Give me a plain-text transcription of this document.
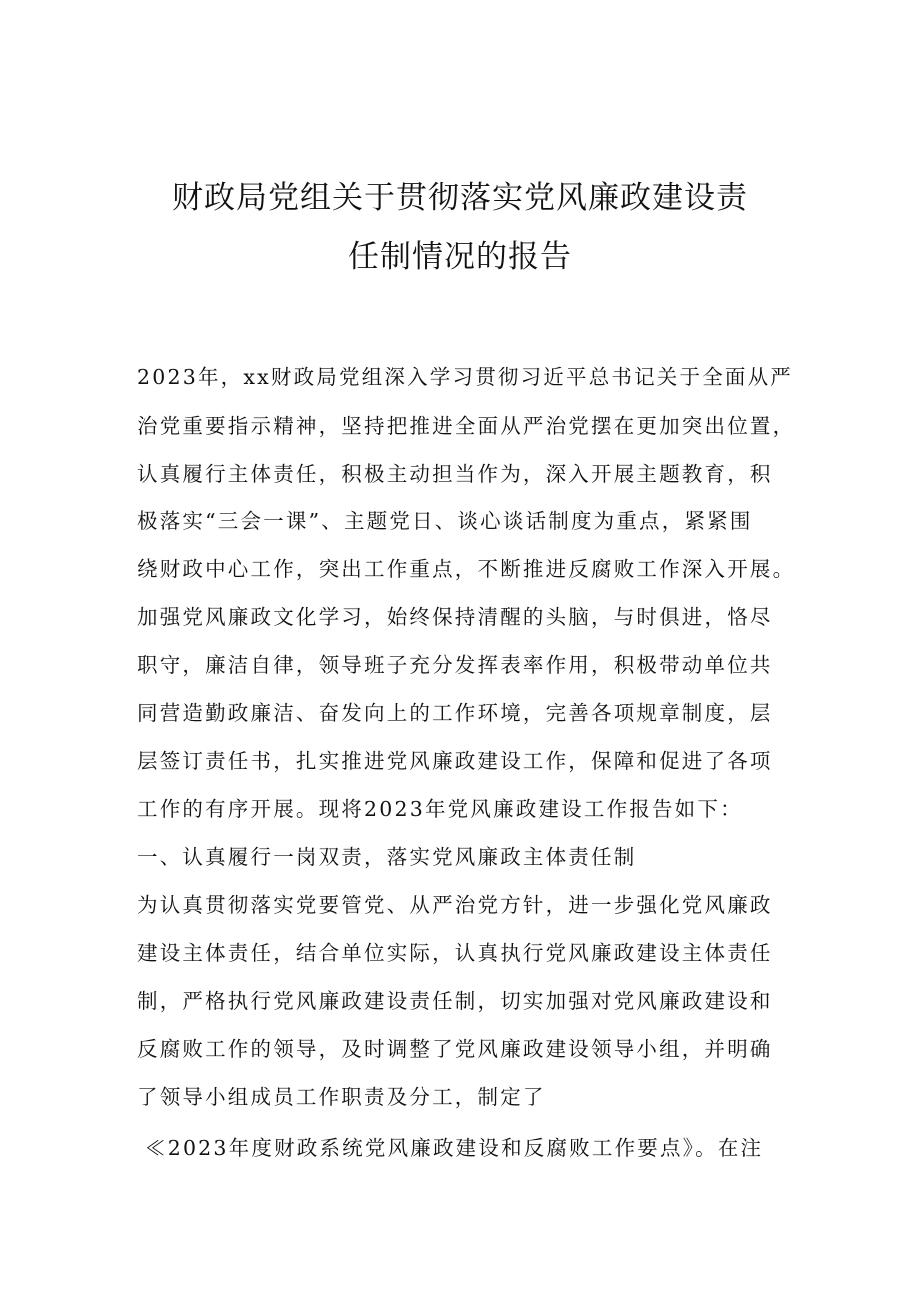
财政局党组关于贯彻落实党风廉政建设责
任制情况的报告

2023年，xx财政局党组深入学习贯彻习近平总书记关于全面从严

治党重要指示精神，坚持把推进全面从严治党摆在更加突出位置，

认真履行主体责任，积极主动担当作为，深入开展主题教育，积

极落实“三会一课”、主题党日、谈心谈话制度为重点，紧紧围

绕财政中心工作，突出工作重点，不断推进反腐败工作深入开展。

加强党风廉政文化学习，始终保持清醒的头脑，与时俱进，恪尽

职守，廉洁自律，领导班子充分发挥表率作用，积极带动单位共

同营造勤政廉洁、奋发向上的工作环境，完善各项规章制度，层

层签订责任书，扎实推进党风廉政建设工作，保障和促进了各项

工作的有序开展。现将2023年党风廉政建设工作报告如下：

一、认真履行一岗双责，落实党风廉政主体责任制

为认真贯彻落实党要管党、从严治党方针，进一步强化党风廉政

建设主体责任，结合单位实际，认真执行党风廉政建设主体责任

制，严格执行党风廉政建设责任制，切实加强对党风廉政建设和

反腐败工作的领导，及时调整了党风廉政建设领导小组，并明确

了领导小组成员工作职责及分工，制定了

≪2023年度财政系统党风廉政建设和反腐败工作要点》。在注
